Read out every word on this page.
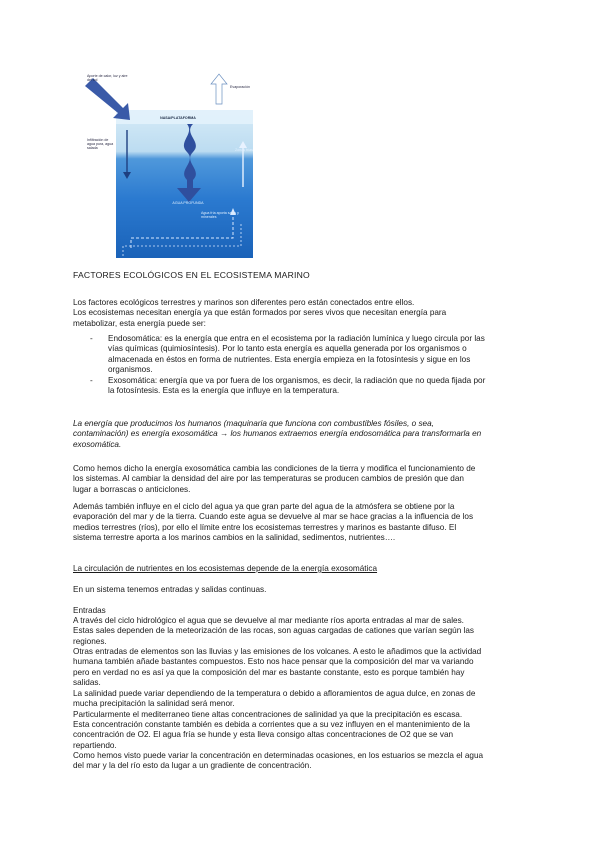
Aporte de calor, luz y aire del sol
Evaporación
NASA/PLATAFORMA
Infiltración de agua pura, agua salada	Zonas frías
AGUA PROFUNDA
Agua fría aporta sales y minerales
FACTORES ECOLÓGICOS EN EL ECOSISTEMA MARINO
Los factores ecológicos terrestres y marinos son diferentes pero están conectados entre ellos.
Los ecosistemas necesitan energía ya que están formados por seres vivos que necesitan energía para
metabolizar, esta energía puede ser:
- Endosomática: es la energía que entra en el ecosistema por la radiación lumínica y luego circula por las
vías químicas (quimiosíntesis). Por lo tanto esta energía es aquella generada por los organismos o
almacenada en éstos en forma de nutrientes. Esta energía empieza en la fotosíntesis y sigue en los
organismos.
- Exosomática: energía que va por fuera de los organismos, es decir, la radiación que no queda fijada por
la fotosíntesis. Esta es la energía que influye en la temperatura.
La energía que producimos los humanos (maquinaria que funciona con combustibles fósiles, o sea,
contaminación) es energía exosomática → los humanos extraemos energía endosomática para transformarla en
exosomática.
Como hemos dicho la energía exosomática cambia las condiciones de la tierra y modifica el funcionamiento de
los sistemas. Al cambiar la densidad del aire por las temperaturas se producen cambios de presión que dan
lugar a borrascas o anticiclones.
Además también influye en el ciclo del agua ya que gran parte del agua de la atmósfera se obtiene por la
evaporación del mar y de la tierra. Cuando este agua se devuelve al mar se hace gracias a la influencia de los
medios terrestres (ríos), por ello el límite entre los ecosistemas terrestres y marinos es bastante difuso. El
sistema terrestre aporta a los marinos cambios en la salinidad, sedimentos, nutrientes….
La circulación de nutrientes en los ecosistemas depende de la energía exosomática
En un sistema tenemos entradas y salidas continuas.
Entradas
A través del ciclo hidrológico el agua que se devuelve al mar mediante ríos aporta entradas al mar de sales.
Estas sales dependen de la meteorización de las rocas, son aguas cargadas de cationes que varían según las
regiones.
Otras entradas de elementos son las lluvias y las emisiones de los volcanes. A esto le añadimos que la actividad
humana también añade bastantes compuestos. Esto nos hace pensar que la composición del mar va variando
pero en verdad no es así ya que la composición del mar es bastante constante, esto es porque también hay
salidas.
La salinidad puede variar dependiendo de la temperatura o debido a afloramientos de agua dulce, en zonas de
mucha precipitación la salinidad será menor.
Particularmente el mediterraneo tiene altas concentraciones de salinidad ya que la precipitación es escasa.
Esta concentración constante también es debida a corrientes que a su vez influyen en el mantenimiento de la
concentración de O2. El agua fría se hunde y esta lleva consigo altas concentraciones de O2 que se van
repartiendo.
Como hemos visto puede variar la concentración en determinadas ocasiones, en los estuarios se mezcla el agua
del mar y la del río esto da lugar a un gradiente de concentración.
